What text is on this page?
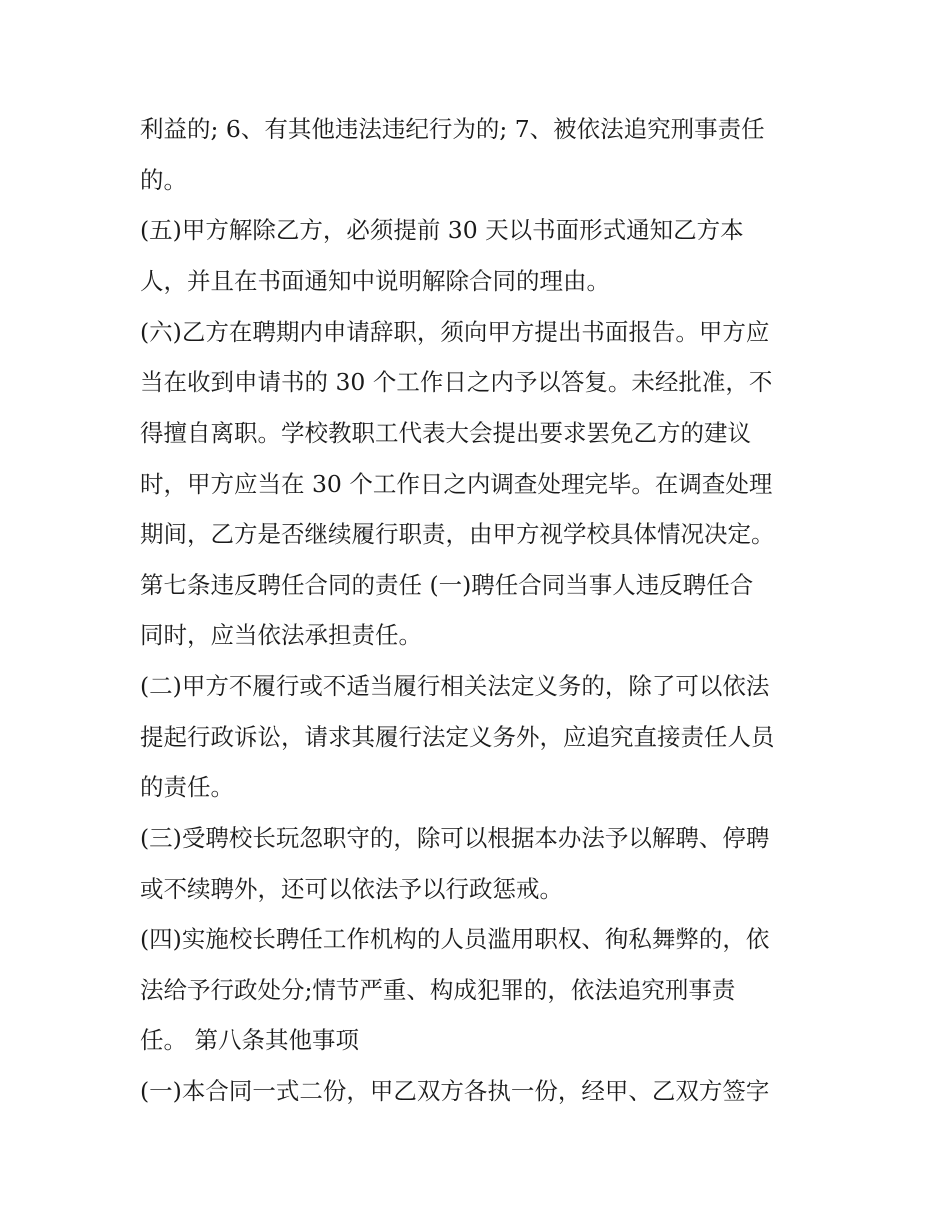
利益的; 6、有其他违法违纪行为的; 7、被依法追究刑事责任
的。
(五)甲方解除乙方，必须提前 30 天以书面形式通知乙方本
人，并且在书面通知中说明解除合同的理由。
(六)乙方在聘期内申请辞职，须向甲方提出书面报告。甲方应
当在收到申请书的 30 个工作日之内予以答复。未经批准，不
得擅自离职。学校教职工代表大会提出要求罢免乙方的建议
时，甲方应当在 30 个工作日之内调查处理完毕。在调查处理
期间，乙方是否继续履行职责，由甲方视学校具体情况决定。
第七条违反聘任合同的责任 (一)聘任合同当事人违反聘任合
同时，应当依法承担责任。
(二)甲方不履行或不适当履行相关法定义务的，除了可以依法
提起行政诉讼，请求其履行法定义务外，应追究直接责任人员
的责任。
(三)受聘校长玩忽职守的，除可以根据本办法予以解聘、停聘
或不续聘外，还可以依法予以行政惩戒。
(四)实施校长聘任工作机构的人员滥用职权、徇私舞弊的，依
法给予行政处分;情节严重、构成犯罪的，依法追究刑事责
任。 第八条其他事项
(一)本合同一式二份，甲乙双方各执一份，经甲、乙双方签字
